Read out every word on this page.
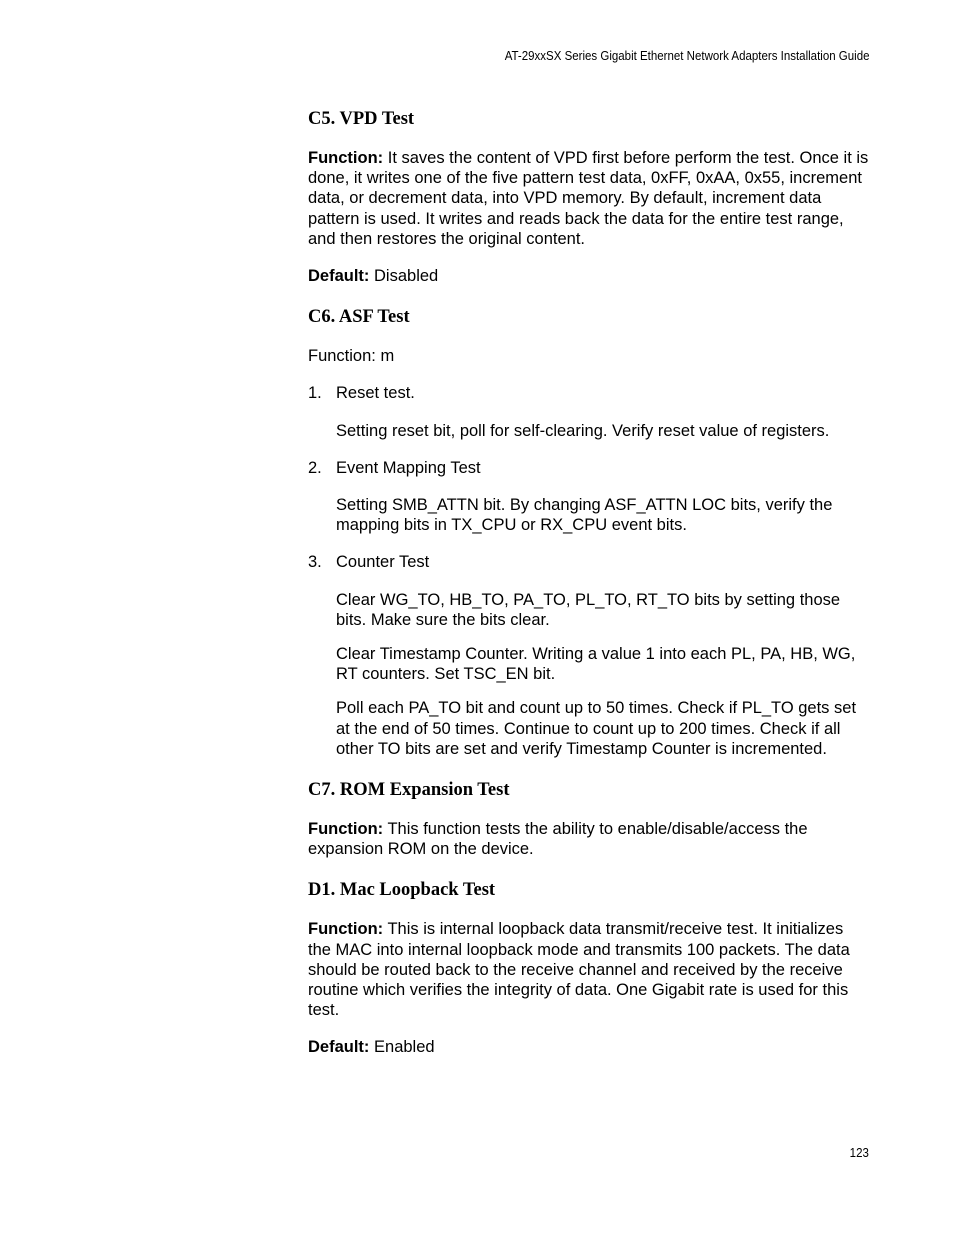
AT-29xxSX Series Gigabit Ethernet Network Adapters Installation Guide
C5. VPD Test

Function: It saves the content of VPD first before perform the test. Once it is done, it writes one of the five pattern test data, 0xFF, 0xAA, 0x55, increment data, or decrement data, into VPD memory. By default, increment data pattern is used. It writes and reads back the data for the entire test range, and then restores the original content.

Default: Disabled

C6. ASF Test

Function: m

1. Reset test.

Setting reset bit, poll for self-clearing. Verify reset value of registers.

2. Event Mapping Test

Setting SMB_ATTN bit. By changing ASF_ATTN LOC bits, verify the mapping bits in TX_CPU or RX_CPU event bits.

3. Counter Test

Clear WG_TO, HB_TO, PA_TO, PL_TO, RT_TO bits by setting those bits. Make sure the bits clear.

Clear Timestamp Counter. Writing a value 1 into each PL, PA, HB, WG, RT counters. Set TSC_EN bit.

Poll each PA_TO bit and count up to 50 times. Check if PL_TO gets set at the end of 50 times. Continue to count up to 200 times. Check if all other TO bits are set and verify Timestamp Counter is incremented.

C7. ROM Expansion Test

Function: This function tests the ability to enable/disable/access the expansion ROM on the device.

D1. Mac Loopback Test

Function: This is internal loopback data transmit/receive test. It initializes the MAC into internal loopback mode and transmits 100 packets. The data should be routed back to the receive channel and received by the receive routine which verifies the integrity of data. One Gigabit rate is used for this test.

Default: Enabled

123
